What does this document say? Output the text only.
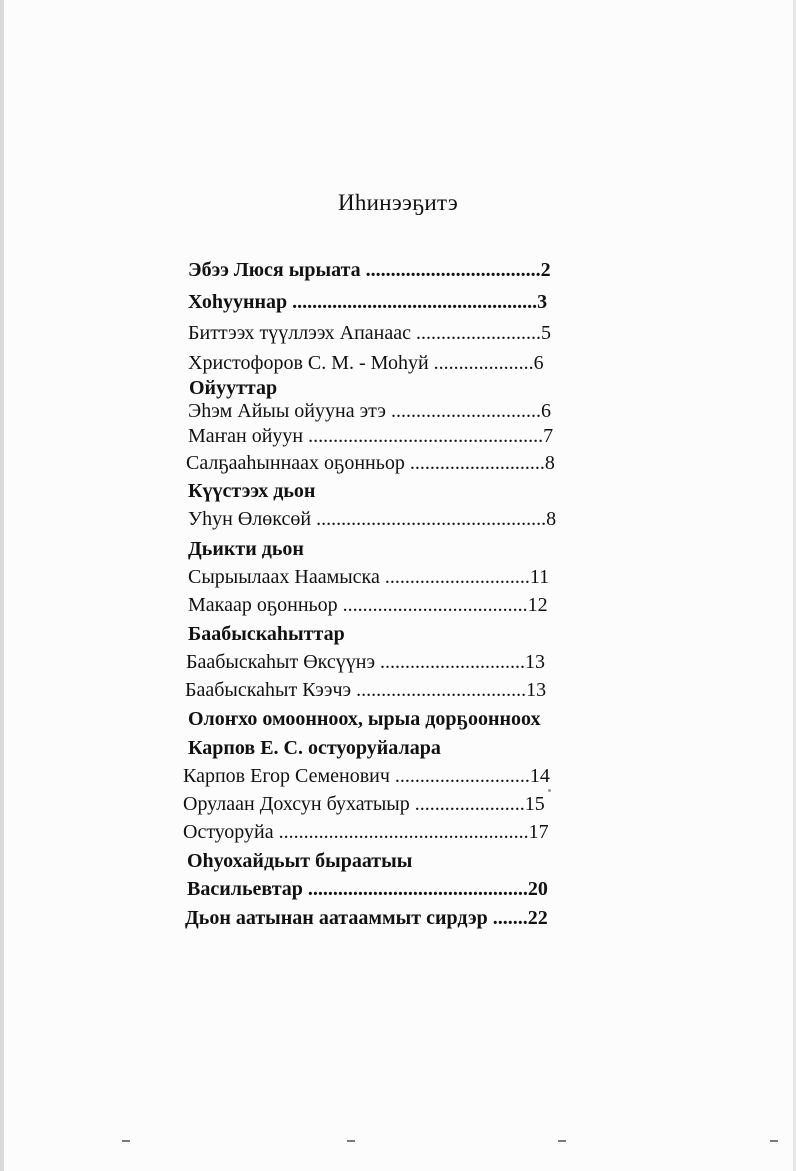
Иһинээҕитэ
Эбээ Люся ырыата ...................................2
Хоһууннар .................................................3
Биттээх түүллээх Апанаас .........................5
Христофоров С. М. - Моһуй ....................6
Ойууттар
Эһэм Айыы ойууна этэ ..............................6
Маҥан ойуун ...............................................7
Салҕааһыннаах оҕонньор ...........................8
Күүстээх дьон
Уһун Өлөксөй ..............................................8
Дьикти дьон
Сырыылаах Наамыска .............................11
Макаар оҕонньор .....................................12
Баабыскаһыттар
Баабыскаһыт Өксүүнэ .............................13
Баабыскаһыт Кээчэ ..................................13
Олоҥхо омоонноох, ырыа дорҕоонноох
Карпов Е. С. остуоруйалара
Карпов Егор Семенович ...........................14
Орулаан Дохсун бухатыыр ......................15
Остуоруйа ..................................................17
Оһуохайдьыт быраатыы
Васильевтар ............................................20
Дьон аатынан аатааммыт сирдэр .......22
